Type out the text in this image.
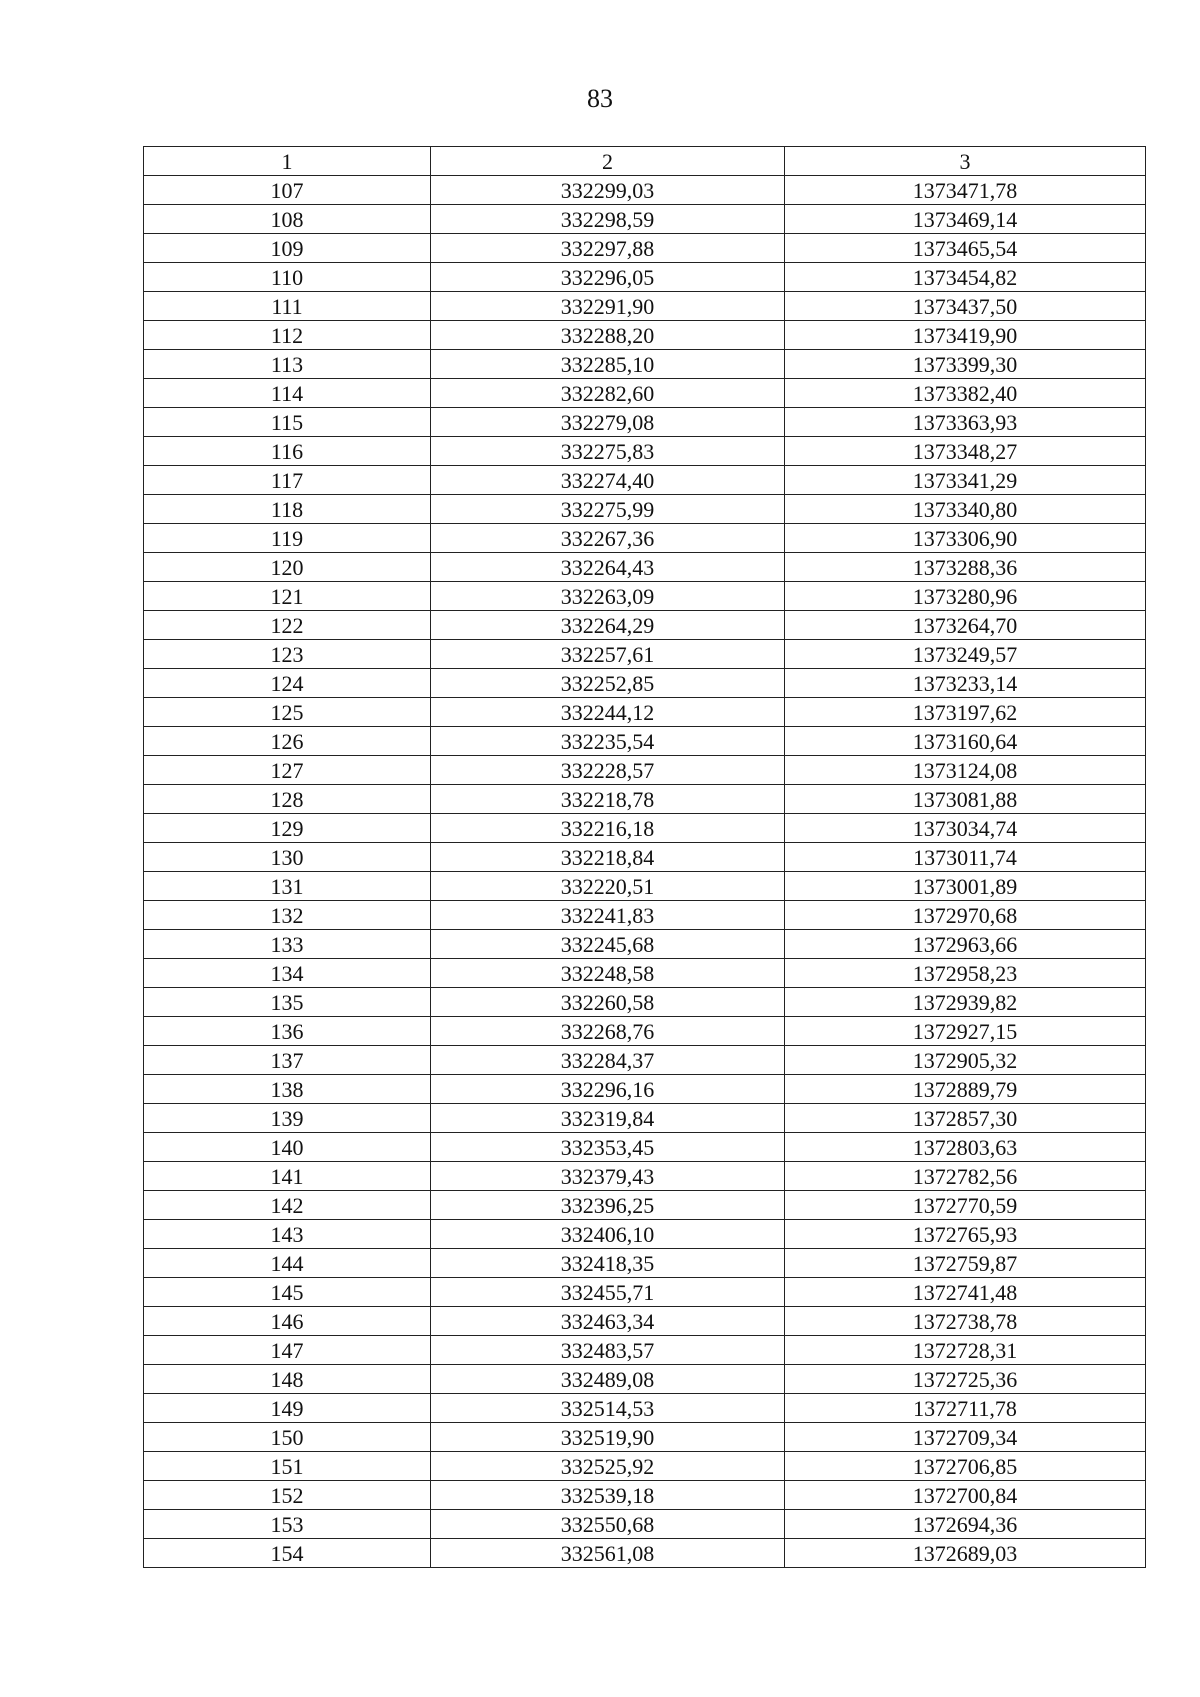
83
1	2	3
107	332299,03	1373471,78
108	332298,59	1373469,14
109	332297,88	1373465,54
110	332296,05	1373454,82
111	332291,90	1373437,50
112	332288,20	1373419,90
113	332285,10	1373399,30
114	332282,60	1373382,40
115	332279,08	1373363,93
116	332275,83	1373348,27
117	332274,40	1373341,29
118	332275,99	1373340,80
119	332267,36	1373306,90
120	332264,43	1373288,36
121	332263,09	1373280,96
122	332264,29	1373264,70
123	332257,61	1373249,57
124	332252,85	1373233,14
125	332244,12	1373197,62
126	332235,54	1373160,64
127	332228,57	1373124,08
128	332218,78	1373081,88
129	332216,18	1373034,74
130	332218,84	1373011,74
131	332220,51	1373001,89
132	332241,83	1372970,68
133	332245,68	1372963,66
134	332248,58	1372958,23
135	332260,58	1372939,82
136	332268,76	1372927,15
137	332284,37	1372905,32
138	332296,16	1372889,79
139	332319,84	1372857,30
140	332353,45	1372803,63
141	332379,43	1372782,56
142	332396,25	1372770,59
143	332406,10	1372765,93
144	332418,35	1372759,87
145	332455,71	1372741,48
146	332463,34	1372738,78
147	332483,57	1372728,31
148	332489,08	1372725,36
149	332514,53	1372711,78
150	332519,90	1372709,34
151	332525,92	1372706,85
152	332539,18	1372700,84
153	332550,68	1372694,36
154	332561,08	1372689,03
